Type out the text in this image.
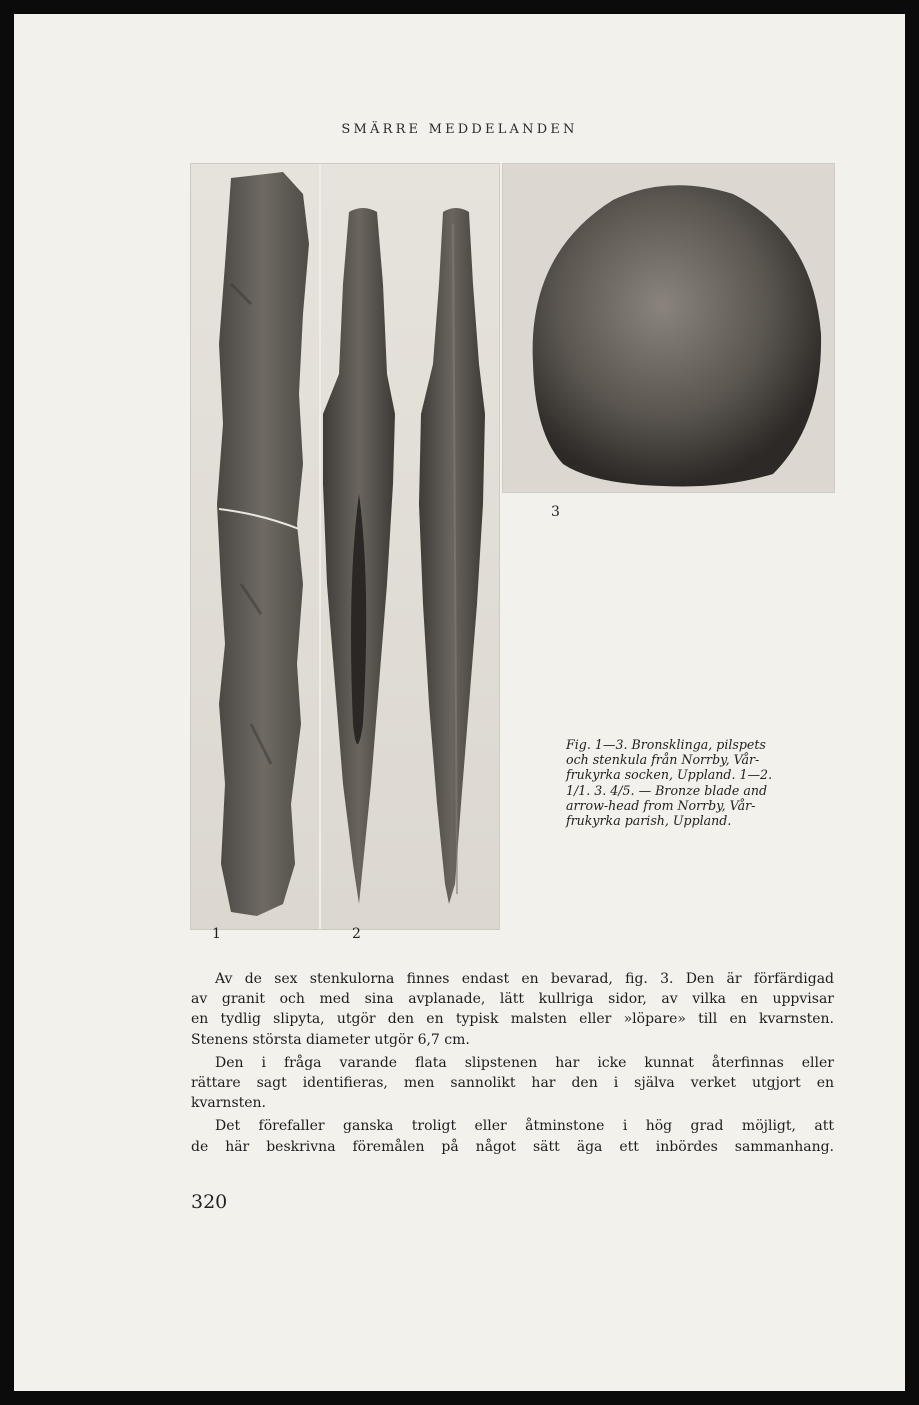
SMÄRRE MEDDELANDEN
3
Fig. 1—3. Bronsklinga, pilspets
och stenkula från Norrby, Vår-
frukyrka socken, Uppland. 1—2.
1/1. 3. 4/5. — Bronze blade and
arrow-head from Norrby, Vår-
frukyrka parish, Uppland.
1	2
Av de sex stenkulorna finnes endast en bevarad, fig. 3. Den är förfärdigad
av granit och med sina avplanade, lätt kullriga sidor, av vilka en uppvisar
en tydlig slipyta, utgör den en typisk malsten eller »löpare» till en kvarnsten.
Stenens största diameter utgör 6,7 cm.
Den i fråga varande flata slipstenen har icke kunnat återfinnas eller
rättare sagt identifieras, men sannolikt har den i själva verket utgjort en
kvarnsten.
Det förefaller ganska troligt eller åtminstone i hög grad möjligt, att
de här beskrivna föremålen på något sätt äga ett inbördes sammanhang.
320
